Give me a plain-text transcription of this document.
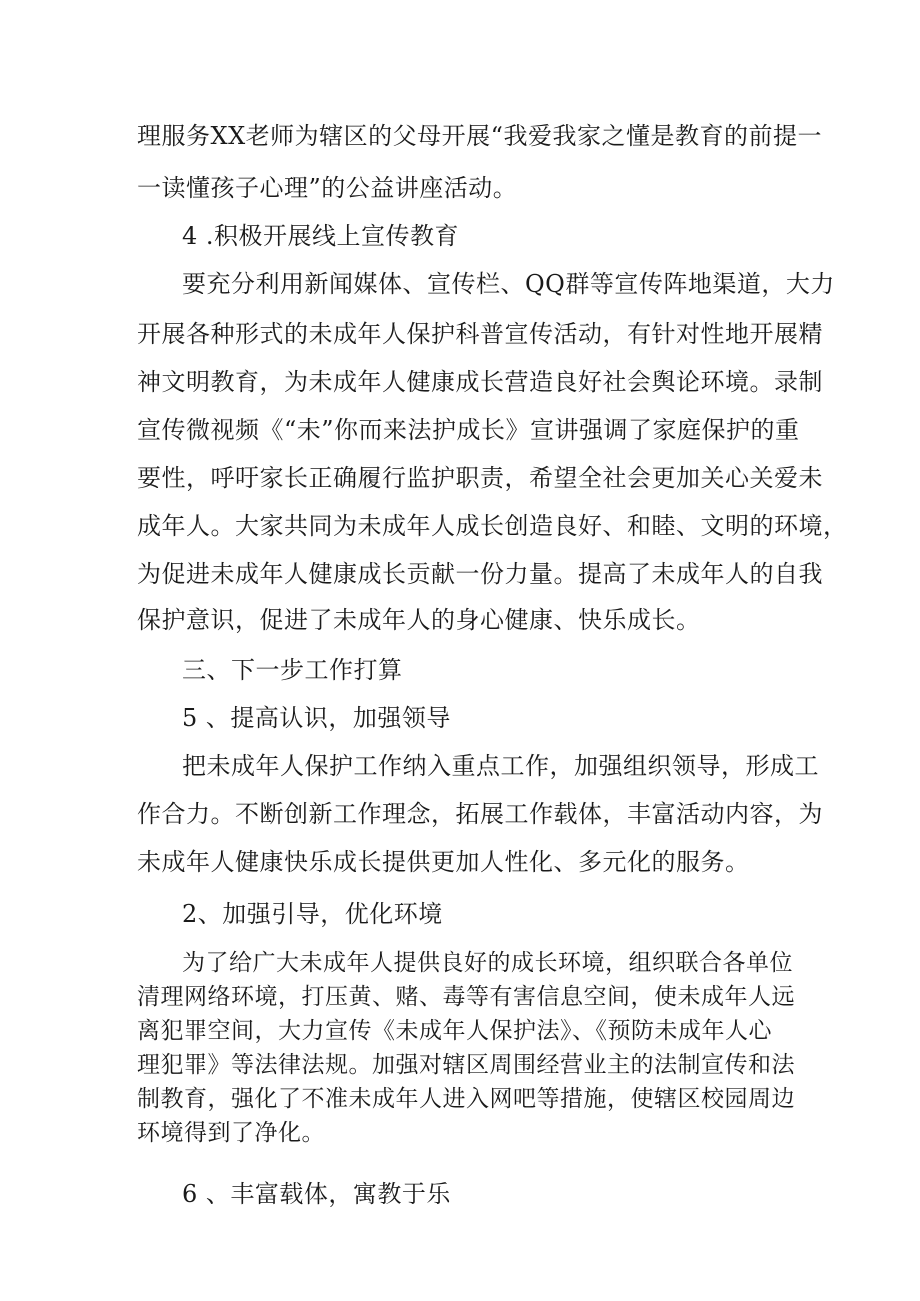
理服务XX老师为辖区的父母开展“我爱我家之懂是教育的前提一
一读懂孩子心理”的公益讲座活动。
4 .积极开展线上宣传教育
要充分利用新闻媒体、宣传栏、QQ群等宣传阵地渠道，大力
开展各种形式的未成年人保护科普宣传活动，有针对性地开展精
神文明教育，为未成年人健康成长营造良好社会舆论环境。录制
宣传微视频《“未”你而来法护成长》宣讲强调了家庭保护的重
要性，呼吁家长正确履行监护职责，希望全社会更加关心关爱未
成年人。大家共同为未成年人成长创造良好、和睦、文明的环境，
为促进未成年人健康成长贡献一份力量。提高了未成年人的自我
保护意识，促进了未成年人的身心健康、快乐成长。
三、下一步工作打算
5 、提高认识，加强领导
把未成年人保护工作纳入重点工作，加强组织领导，形成工
作合力。不断创新工作理念，拓展工作载体，丰富活动内容，为
未成年人健康快乐成长提供更加人性化、多元化的服务。
2、加强引导，优化环境
为了给广大未成年人提供良好的成长环境，组织联合各单位
清理网络环境，打压黄、赌、毒等有害信息空间，使未成年人远
离犯罪空间，大力宣传《未成年人保护法》、《预防未成年人心
理犯罪》等法律法规。加强对辖区周围经营业主的法制宣传和法
制教育，强化了不准未成年人进入网吧等措施，使辖区校园周边
环境得到了净化。
6 、丰富载体，寓教于乐
